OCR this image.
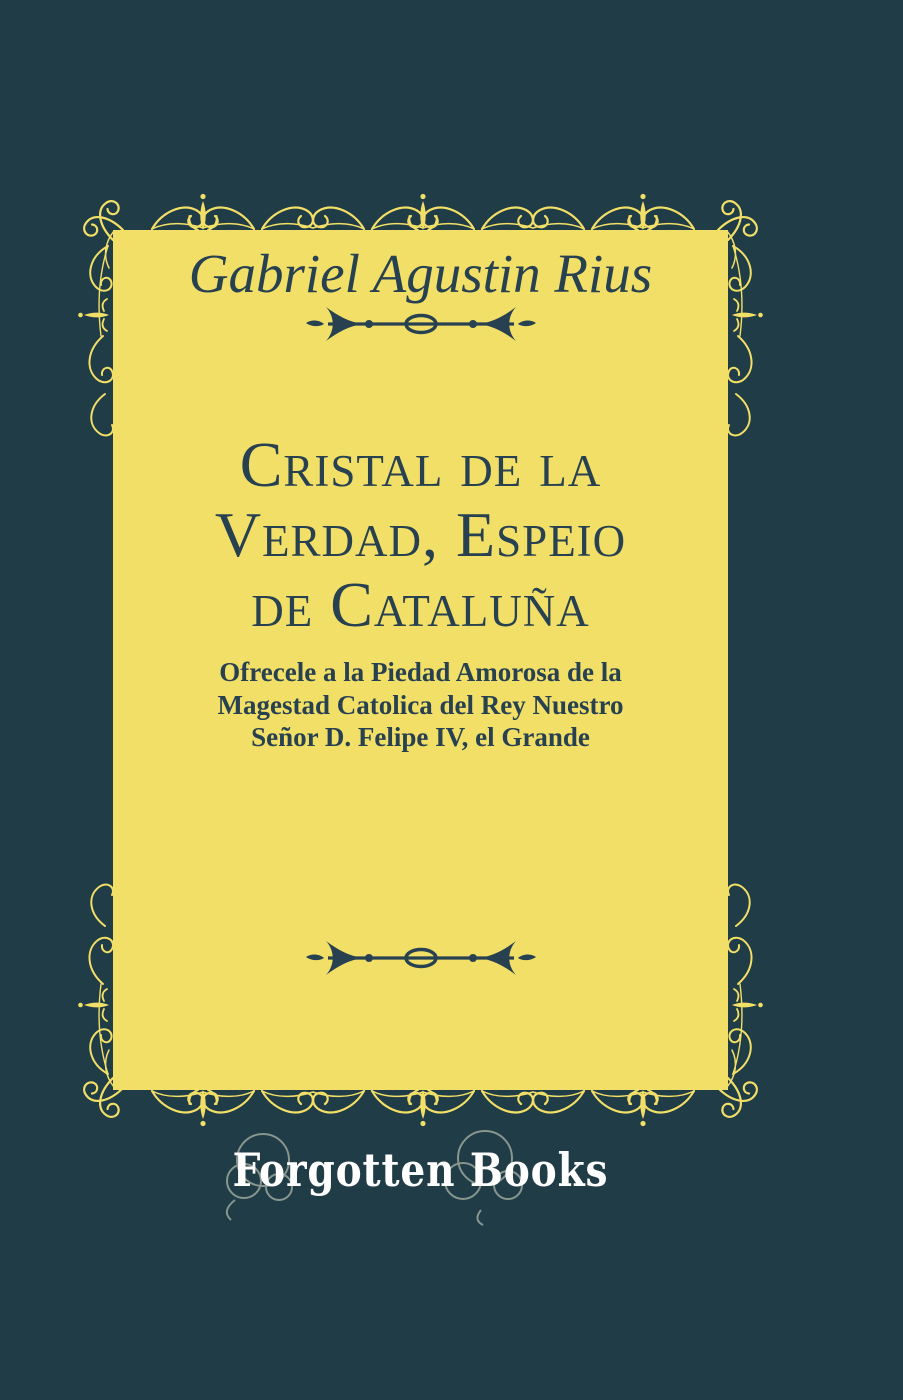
Gabriel Agustin Rius
Cristal de la
Verdad, Espeio
de Cataluña
Ofrecele a la Piedad Amorosa de la
Magestad Catolica del Rey Nuestro
Señor D. Felipe IV, el Grande
Forgotten Books
